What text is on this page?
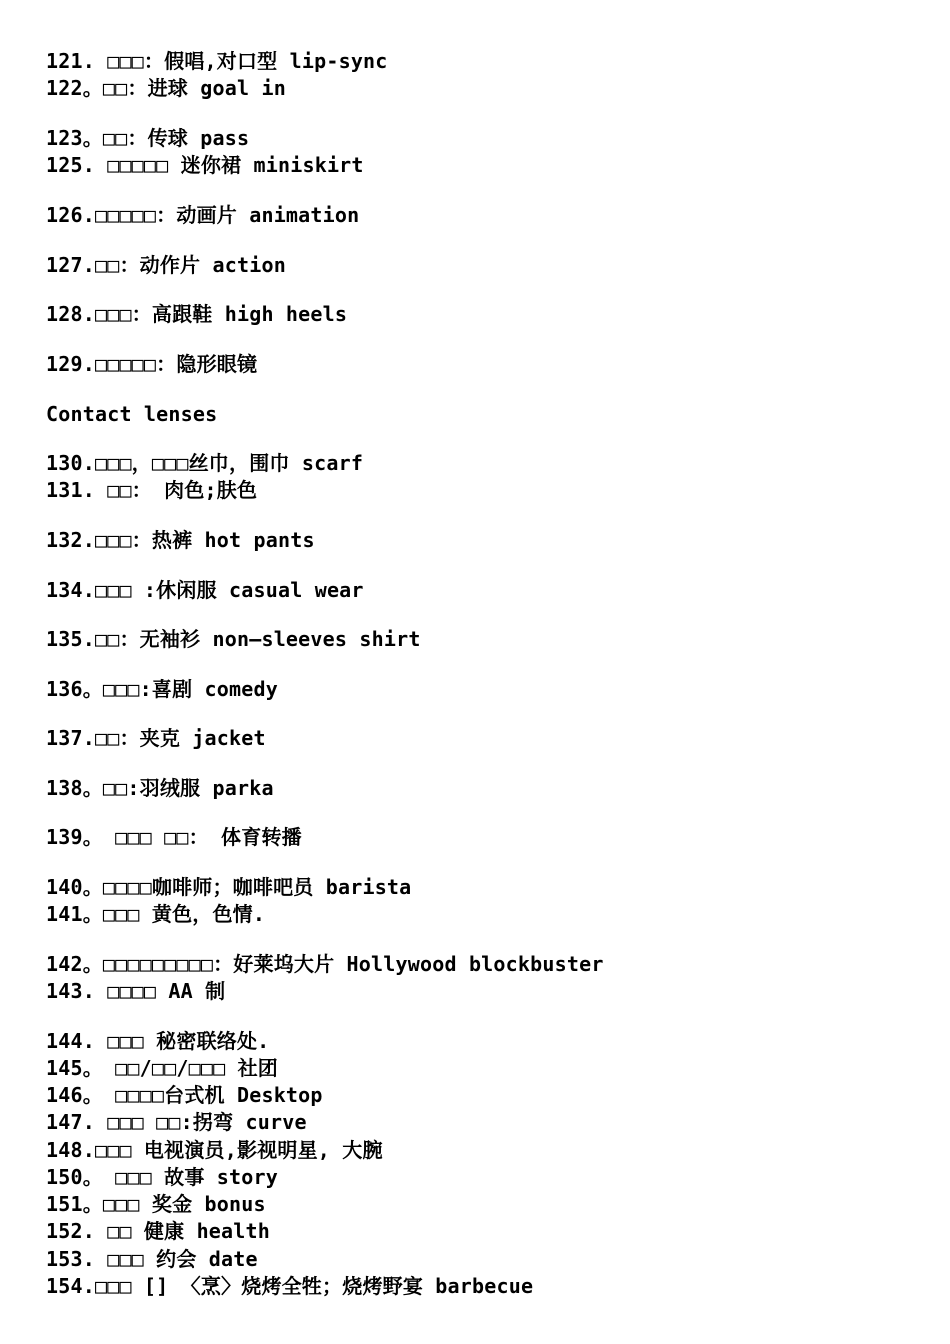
121. □□□：假唱,对口型 lip-sync
122。□□：进球 goal in
123。□□：传球 pass
125. □□□□□ 迷你裙 miniskirt
126.□□□□□：动画片 animation
127.□□：动作片 action
128.□□□：高跟鞋 high heels
129.□□□□□：隐形眼镜
Contact lenses
130.□□□，□□□丝巾，围巾 scarf
131. □□： 肉色;肤色
132.□□□：热裤 hot pants
134.□□□ :休闲服 casual wear
135.□□：无袖衫 non—sleeves shirt
136。□□□:喜剧 comedy
137.□□：夹克 jacket
138。□□:羽绒服 parka
139。 □□□ □□： 体育转播
140。□□□□咖啡师；咖啡吧员 barista
141。□□□ 黄色，色情.
142。□□□□□□□□□：好莱坞大片 Hollywood blockbuster
143. □□□□ AA 制
144. □□□ 秘密联络处.
145。 □□/□□/□□□ 社团
146。 □□□□台式机 Desktop
147. □□□ □□:拐弯 curve
148.□□□ 电视演员,影视明星, 大腕
150。 □□□ 故事 story
151。□□□ 奖金 bonus
152. □□ 健康 health
153. □□□ 约会 date
154.□□□ [] 〈烹〉烧烤全牲；烧烤野宴 barbecue
